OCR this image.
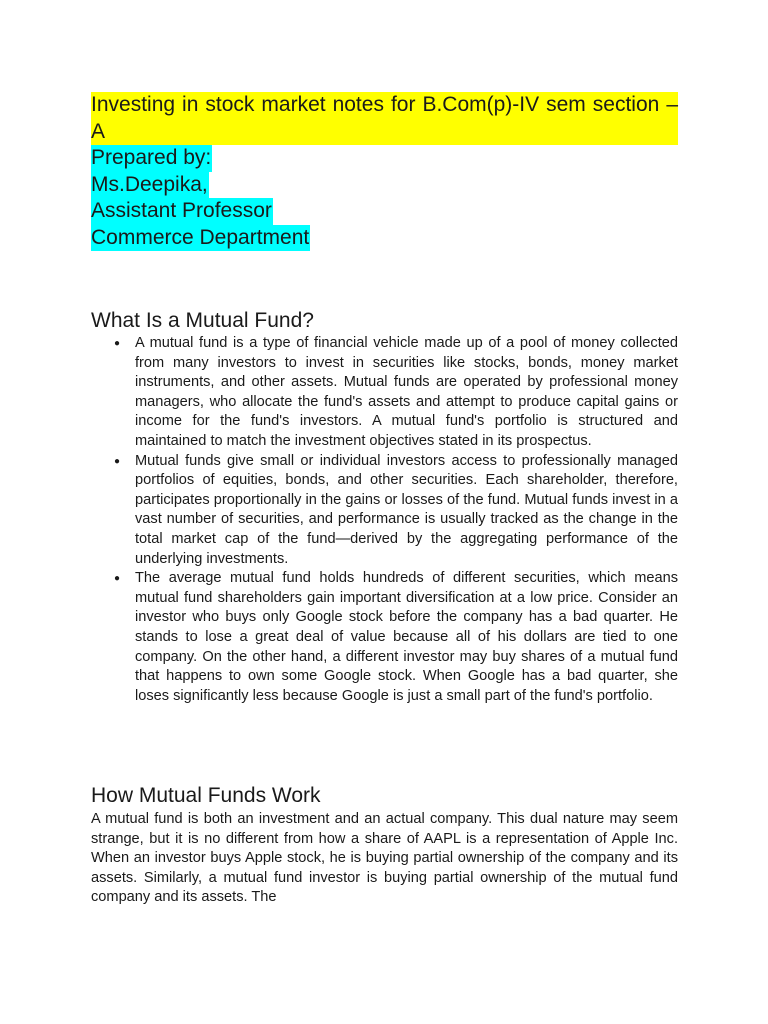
Investing in stock market notes for B.Com(p)-IV sem section –A
Prepared by:
Ms.Deepika,
Assistant Professor
Commerce Department
What Is a Mutual Fund?
● A mutual fund is a type of financial vehicle made up of a pool of money collected from many investors to invest in securities like stocks, bonds, money market instruments, and other assets. Mutual funds are operated by professional money managers, who allocate the fund's assets and attempt to produce capital gains or income for the fund's investors. A mutual fund's portfolio is structured and maintained to match the investment objectives stated in its prospectus.
● Mutual funds give small or individual investors access to professionally managed portfolios of equities, bonds, and other securities. Each shareholder, therefore, participates proportionally in the gains or losses of the fund. Mutual funds invest in a vast number of securities, and performance is usually tracked as the change in the total market cap of the fund—derived by the aggregating performance of the underlying investments.
● The average mutual fund holds hundreds of different securities, which means mutual fund shareholders gain important diversification at a low price. Consider an investor who buys only Google stock before the company has a bad quarter. He stands to lose a great deal of value because all of his dollars are tied to one company. On the other hand, a different investor may buy shares of a mutual fund that happens to own some Google stock. When Google has a bad quarter, she loses significantly less because Google is just a small part of the fund's portfolio.
How Mutual Funds Work

A mutual fund is both an investment and an actual company. This dual nature may seem strange, but it is no different from how a share of AAPL is a representation of Apple Inc. When an investor buys Apple stock, he is buying partial ownership of the company and its assets. Similarly, a mutual fund investor is buying partial ownership of the mutual fund company and its assets. The
